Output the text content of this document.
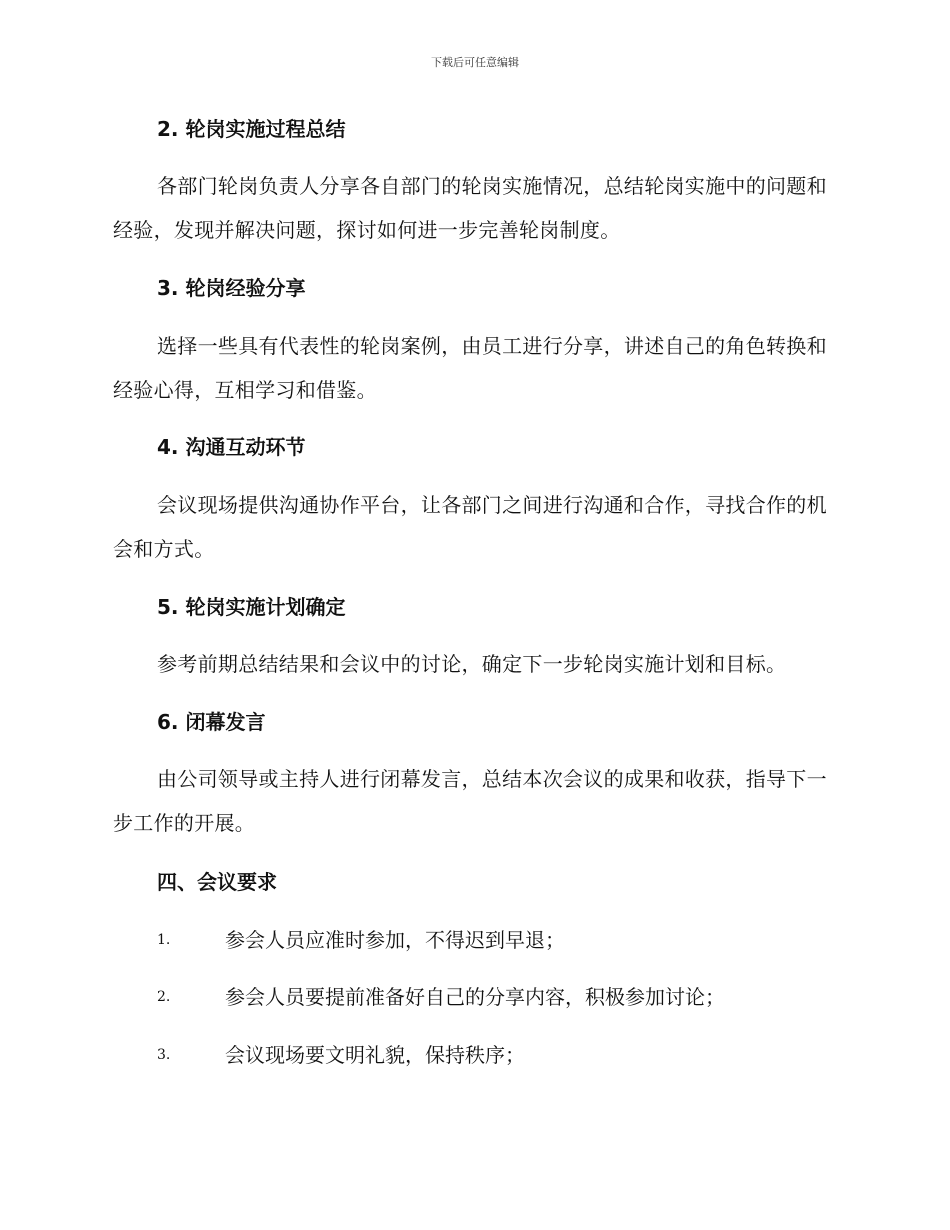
下载后可任意编辑
2. 轮岗实施过程总结
各部门轮岗负责人分享各自部门的轮岗实施情况，总结轮岗实施中的问题和经验，发现并解决问题，探讨如何进一步完善轮岗制度。
3. 轮岗经验分享
选择一些具有代表性的轮岗案例，由员工进行分享，讲述自己的角色转换和经验心得，互相学习和借鉴。
4. 沟通互动环节
会议现场提供沟通协作平台，让各部门之间进行沟通和合作，寻找合作的机会和方式。
5. 轮岗实施计划确定
参考前期总结结果和会议中的讨论，确定下一步轮岗实施计划和目标。
6. 闭幕发言
由公司领导或主持人进行闭幕发言，总结本次会议的成果和收获，指导下一步工作的开展。
四、会议要求
1.	参会人员应准时参加，不得迟到早退；
2.	参会人员要提前准备好自己的分享内容，积极参加讨论；
3.	会议现场要文明礼貌，保持秩序；
